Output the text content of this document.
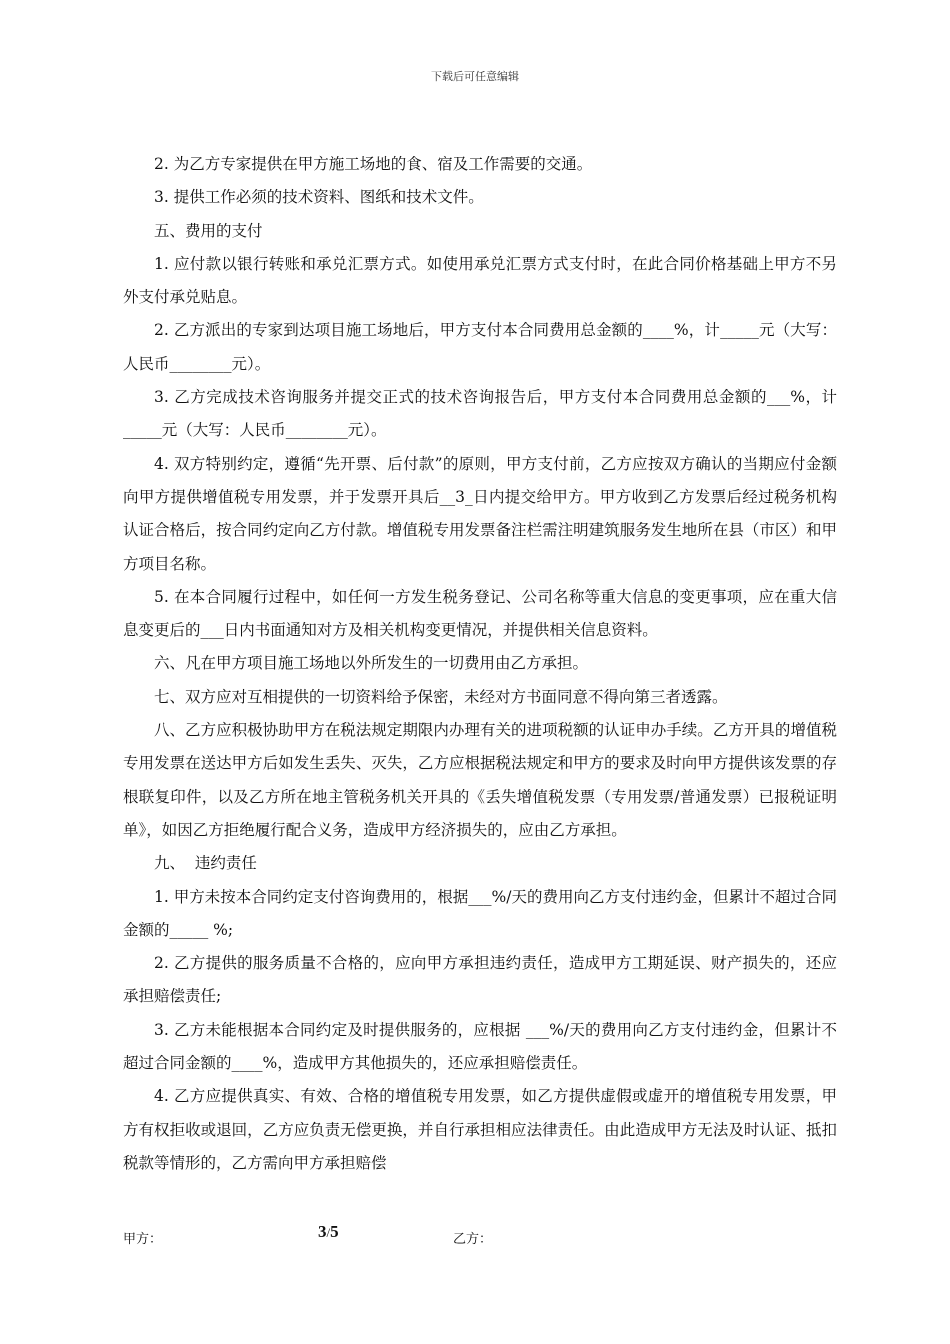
下载后可任意编辑

2. 为乙方专家提供在甲方施工场地的食、宿及工作需要的交通。

3. 提供工作必须的技术资料、图纸和技术文件。

五、费用的支付

1. 应付款以银行转账和承兑汇票方式。如使用承兑汇票方式支付时，在此合同价格基础上甲方不另外支付承兑贴息。

2. 乙方派出的专家到达项目施工场地后，甲方支付本合同费用总金额的____%，计_____元（大写：人民币________元）。

3. 乙方完成技术咨询服务并提交正式的技术咨询报告后，甲方支付本合同费用总金额的___%，计_____元（大写：人民币________元）。

4. 双方特别约定，遵循“先开票、后付款”的原则，甲方支付前，乙方应按双方确认的当期应付金额向甲方提供增值税专用发票，并于发票开具后__3_日内提交给甲方。甲方收到乙方发票后经过税务机构认证合格后，按合同约定向乙方付款。增值税专用发票备注栏需注明建筑服务发生地所在县（市区）和甲方项目名称。

5. 在本合同履行过程中，如任何一方发生税务登记、公司名称等重大信息的变更事项，应在重大信息变更后的___日内书面通知对方及相关机构变更情况，并提供相关信息资料。

六、凡在甲方项目施工场地以外所发生的一切费用由乙方承担。

七、双方应对互相提供的一切资料给予保密，未经对方书面同意不得向第三者透露。

八、乙方应积极协助甲方在税法规定期限内办理有关的进项税额的认证申办手续。乙方开具的增值税专用发票在送达甲方后如发生丢失、灭失，乙方应根据税法规定和甲方的要求及时向甲方提供该发票的存根联复印件，以及乙方所在地主管税务机关开具的《丢失增值税发票（专用发票/普通发票）已报税证明单》，如因乙方拒绝履行配合义务，造成甲方经济损失的，应由乙方承担。

九、  违约责任

1. 甲方未按本合同约定支付咨询费用的，根据___%/天的费用向乙方支付违约金，但累计不超过合同金额的_____ %;

2. 乙方提供的服务质量不合格的，应向甲方承担违约责任，造成甲方工期延误、财产损失的，还应承担赔偿责任;

3. 乙方未能根据本合同约定及时提供服务的，应根据 ___%/天的费用向乙方支付违约金，但累计不超过合同金额的____%，造成甲方其他损失的，还应承担赔偿责任。

4. 乙方应提供真实、有效、合格的增值税专用发票，如乙方提供虚假或虚开的增值税专用发票，甲方有权拒收或退回，乙方应负责无偿更换，并自行承担相应法律责任。由此造成甲方无法及时认证、抵扣税款等情形的，乙方需向甲方承担赔偿

甲方：	3/5	乙方：
